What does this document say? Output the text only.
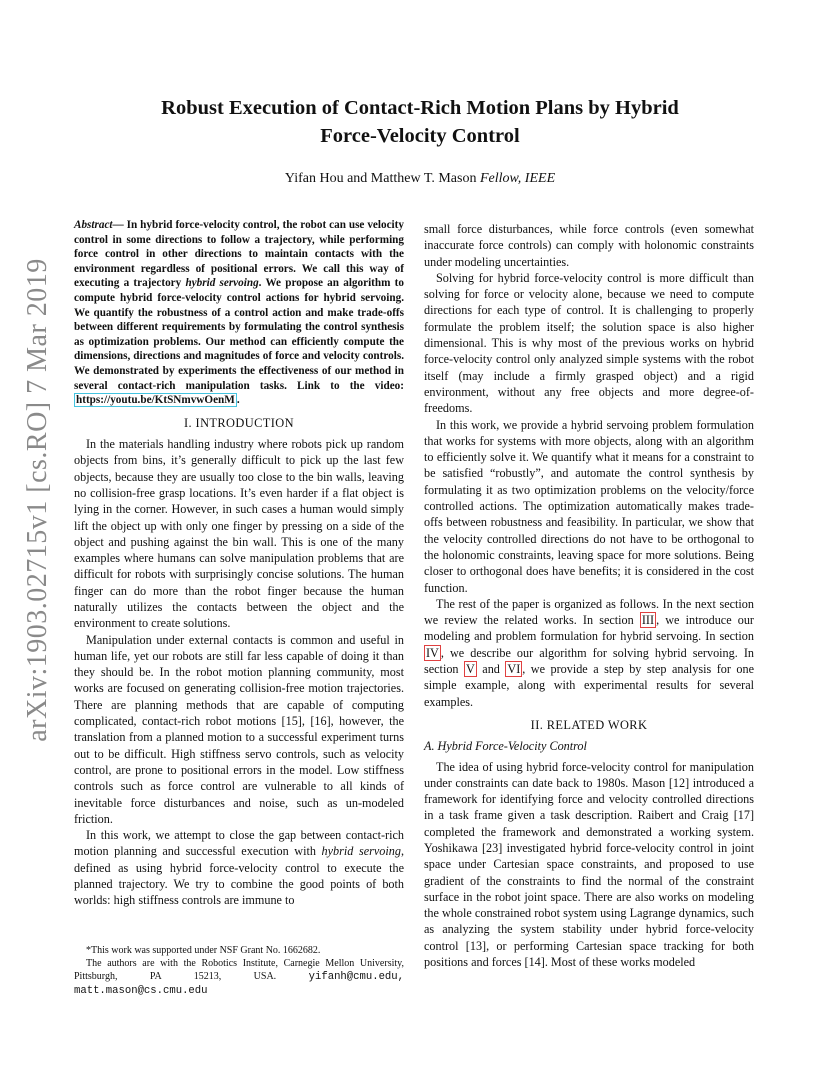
arXiv:1903.02715v1 [cs.RO] 7 Mar 2019
Robust Execution of Contact-Rich Motion Plans by Hybrid
Force-Velocity Control
Yifan Hou and Matthew T. Mason Fellow, IEEE
Abstract— In hybrid force-velocity control, the robot can use velocity control in some directions to follow a trajectory, while performing force control in other directions to maintain contacts with the environment regardless of positional errors. We call this way of executing a trajectory hybrid servoing. We propose an algorithm to compute hybrid force-velocity control actions for hybrid servoing. We quantify the robustness of a control action and make trade-offs between different requirements by formulating the control synthesis as optimization problems. Our method can efficiently compute the dimensions, directions and magnitudes of force and velocity controls. We demonstrated by experiments the effectiveness of our method in several contact-rich manipulation tasks. Link to the video: https://youtu.be/KtSNmvwOenM .
I. INTRODUCTION

In the materials handling industry where robots pick up random objects from bins, it’s generally difficult to pick up the last few objects, because they are usually too close to the bin walls, leaving no collision-free grasp locations. It’s even harder if a flat object is lying in the corner. However, in such cases a human would simply lift the object up with only one finger by pressing on a side of the object and pushing against the bin wall. This is one of the many examples where humans can solve manipulation problems that are difficult for robots with surprisingly concise solutions. The human finger can do more than the robot finger because the human naturally utilizes the contacts between the object and the environment to create solutions.

Manipulation under external contacts is common and useful in human life, yet our robots are still far less capable of doing it than they should be. In the robot motion planning community, most works are focused on generating collision-free motion trajectories. There are planning methods that are capable of computing complicated, contact-rich robot motions [15], [16], however, the translation from a planned motion to a successful experiment turns out to be difficult. High stiffness servo controls, such as velocity control, are prone to positional errors in the model. Low stiffness controls such as force control are vulnerable to all kinds of inevitable force disturbances and noise, such as un-modeled friction.

In this work, we attempt to close the gap between contact-rich motion planning and successful execution with hybrid servoing, defined as using hybrid force-velocity control to execute the planned trajectory. We try to combine the good points of both worlds: high stiffness controls are immune to

*This work was supported under NSF Grant No. 1662682.

The authors are with the Robotics Institute, Carnegie Mellon University, Pittsburgh, PA 15213, USA. yifanh@cmu.edu, matt.mason@cs.cmu.edu

small force disturbances, while force controls (even somewhat inaccurate force controls) can comply with holonomic constraints under modeling uncertainties.

Solving for hybrid force-velocity control is more difficult than solving for force or velocity alone, because we need to compute directions for each type of control. It is challenging to properly formulate the problem itself; the solution space is also higher dimensional. This is why most of the previous works on hybrid force-velocity control only analyzed simple systems with the robot itself (may include a firmly grasped object) and a rigid environment, without any free objects and more degree-of-freedoms.

In this work, we provide a hybrid servoing problem formulation that works for systems with more objects, along with an algorithm to efficiently solve it. We quantify what it means for a constraint to be satisfied “robustly”, and automate the control synthesis by formulating it as two optimization problems on the velocity/force controlled actions. The optimization automatically makes trade-offs between robustness and feasibility. In particular, we show that the velocity controlled directions do not have to be orthogonal to the holonomic constraints, leaving space for more solutions. Being closer to orthogonal does have benefits; it is considered in the cost function.

The rest of the paper is organized as follows. In the next section we review the related works. In section III , we introduce our modeling and problem formulation for hybrid servoing. In section IV , we describe our algorithm for solving hybrid servoing. In section V and VI , we provide a step by step analysis for one simple example, along with experimental results for several examples.

II. RELATED WORK
A. Hybrid Force-Velocity Control

The idea of using hybrid force-velocity control for manipulation under constraints can date back to 1980s. Mason [12] introduced a framework for identifying force and velocity controlled directions in a task frame given a task description. Raibert and Craig [17] completed the framework and demonstrated a working system. Yoshikawa [23] investigated hybrid force-velocity control in joint space under Cartesian space constraints, and proposed to use gradient of the constraints to find the normal of the constraint surface in the robot joint space. There are also works on modeling the whole constrained robot system using Lagrange dynamics, such as analyzing the system stability under hybrid force-velocity control [13], or performing Cartesian space tracking for both positions and forces [14]. Most of these works modeled
